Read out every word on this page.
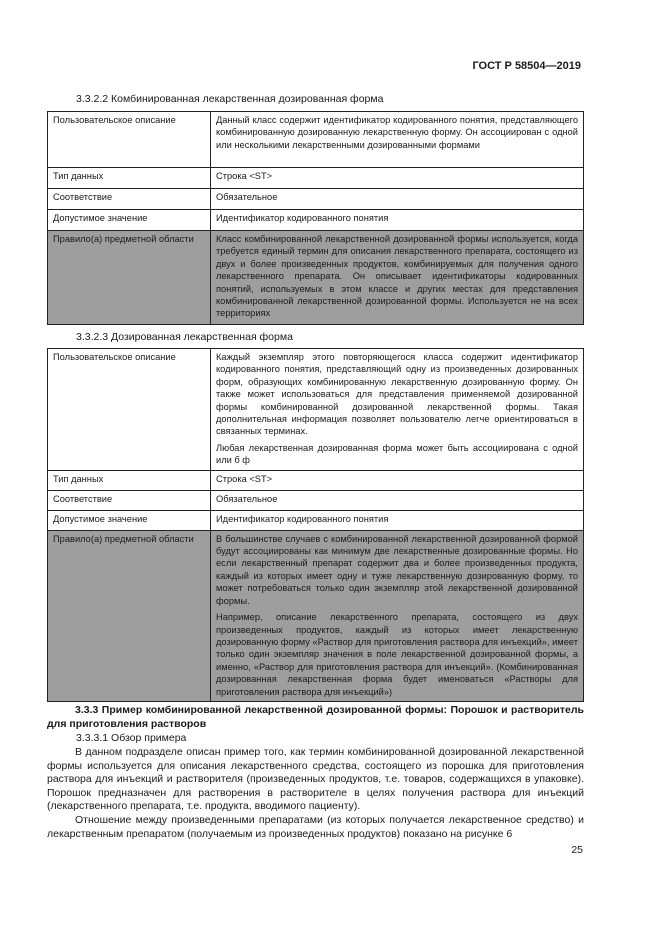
ГОСТ Р 58504—2019
3.3.2.2 Комбинированная лекарственная дозированная форма
Пользовательское описание	Данный класс содержит идентификатор кодированного понятия, представляющего комбинированную дозированную лекарственную форму. Он ассоциирован с одной или несколькими лекарственными дозированными формами

Тип данных	Строка <ST>

Соответствие	Обязательное

Допустимое значение	Идентификатор кодированного понятия

Правило(а) предметной области	Класс комбинированной лекарственной дозированной формы используется, когда требуется единый термин для описания лекарственного препарата, состоящего из двух и более произведенных продуктов, комбинируемых для получения одного лекарственного препарата. Он описывает идентификаторы кодированных понятий, используемых в этом классе и других местах для представления комбинированной лекарственной дозированной формы. Используется не на всех территориях

3.3.2.3 Дозированная лекарственная форма
Пользовательское описание	Каждый экземпляр этого повторяющегося класса содержит идентификатор кодированного понятия, представляющий одну из произведенных дозированных форм, образующих комбинированную лекарственную дозированную форму. Он также может использоваться для представления применяемой дозированной формы комбинированной дозированной лекарственной формы. Такая дополнительная информация позволяет пользователю легче ориентироваться в связанных терминах.

Любая лекарственная дозированная форма может быть ассоциирована с одной или б ф

Тип данных	Строка <ST>

Соответствие	Обязательное

Допустимое значение	Идентификатор кодированного понятия

Правило(а) предметной области	В большинстве случаев с комбинированной лекарственной дозированной формой будут ассоциированы как минимум две лекарственные дозированные формы. Но если лекарственный препарат содержит два и более произведенных продукта, каждый из которых имеет одну и туже лекарственную дозированную форму, то может потребоваться только один экземпляр этой лекарственной дозированной формы.

Например, описание лекарственного препарата, состоящего из двух произведенных продуктов, каждый из которых имеет лекарственную дозированную форму «Раствор для приготовления раствора для инъекций», имеет только один экземпляр значения в поле лекарственной дозированной формы, а именно, «Раствор для приготовления раствора для инъекций». (Комбинированная дозированная лекарственная форма будет именоваться «Растворы для приготовления раствора для инъекций»)

3.3.3 Пример комбинированной лекарственной дозированной формы: Порошок и растворитель для приготовления растворов
3.3.3.1 Обзор примера
В данном подразделе описан пример того, как термин комбинированной дозированной лекарственной формы используется для описания лекарственного средства, состоящего из порошка для приготовления раствора для инъекций и растворителя (произведенных продуктов, т.е. товаров, содержащихся в упаковке). Порошок предназначен для растворения в растворителе в целях получения раствора для инъекций (лекарственного препарата, т.е. продукта, вводимого пациенту).
Отношение между произведенными препаратами (из которых получается лекарственное средство) и лекарственным препаратом (получаемым из произведенных продуктов) показано на рисунке 6
25
